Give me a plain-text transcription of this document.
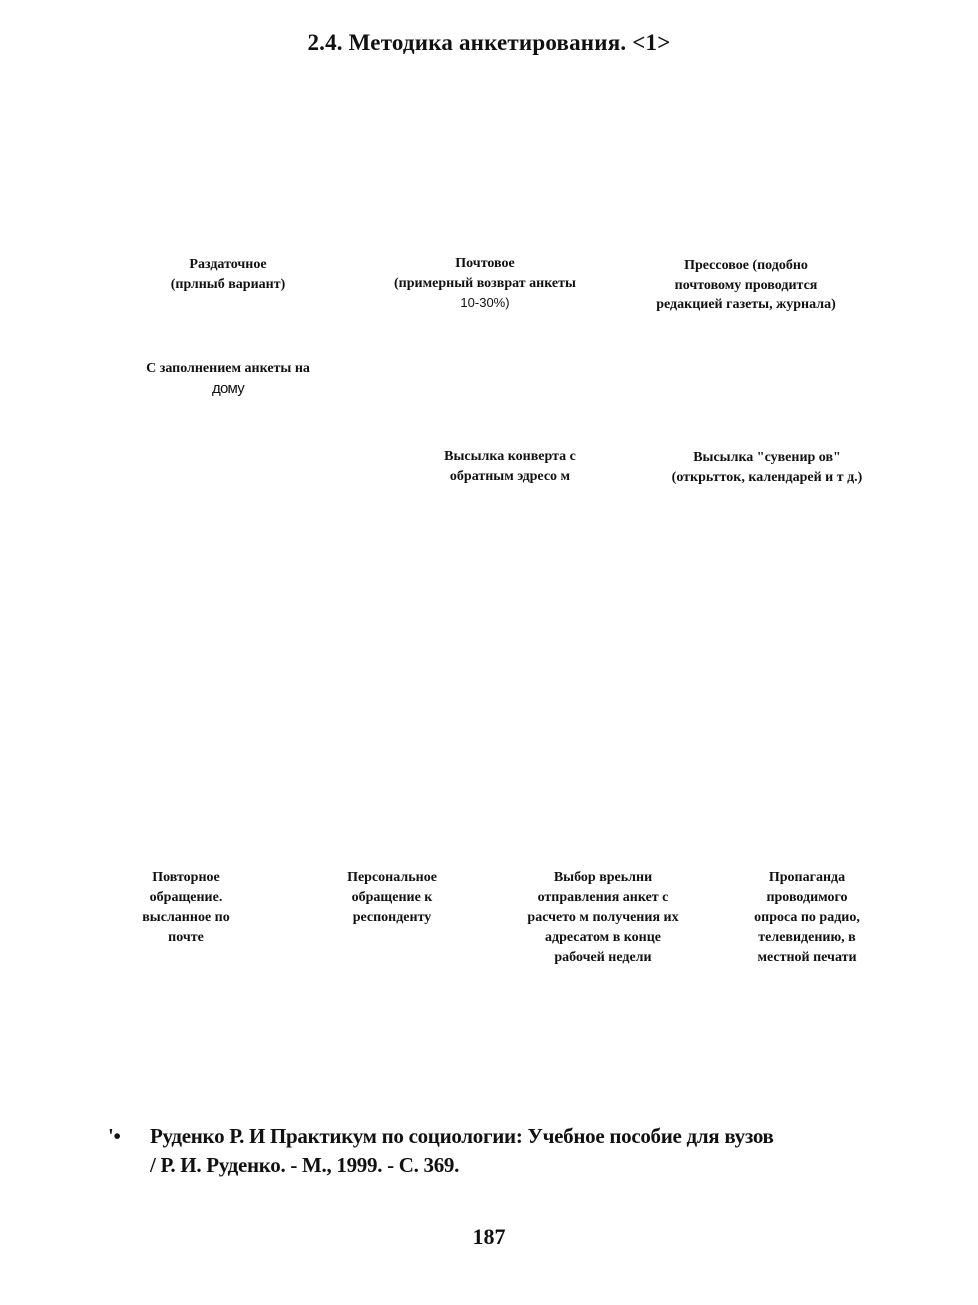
2.4. Методика анкетирования. <1>
Раздаточное
(прлныб вариант)
Почтовое
(примерный возврат анкеты
10-30%)
Прессовое (подобно
почтовому проводится
редакцией газеты, журнала)
С заполнением анкеты на
дому
Высылка конверта с
обратным эдресо м
Высылка "сувенир ов"
(открьтток, календарей и т д.)
Повторное
обращение.
высланное по
почте
Персональное
обращение к
респонденту
Выбор вреьлни
отправления анкет с
расчето м получения их
адресатом в конце
рабочей недели
Пропаганда
проводимого
опроса по радио,
телевидению, в
местной печати
'•	Руденко Р. И Практикум по социологии: Учебное пособие для вузов
/ Р. И. Руденко. - М., 1999. - С. 369.
187
